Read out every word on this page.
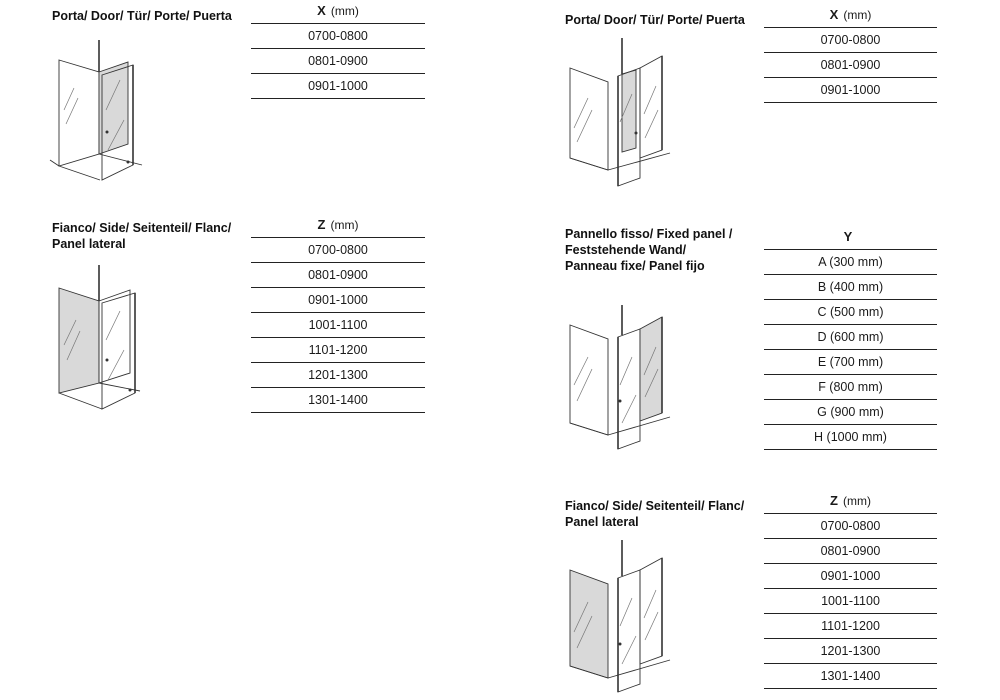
Porta/ Door/ Tür/ Porte/ Puerta	X (mm)
0700-0800
0801-0900
0901-1000
Fianco/ Side/ Seitenteil/ Flanc/ Panel lateral
Z (mm)
0700-0800
0801-0900
0901-1000
1001-1100
1101-1200
1201-1300
1301-1400
Porta/ Door/ Tür/ Porte/ Puerta	X (mm)
0700-0800
0801-0900
0901-1000
Pannello fisso/ Fixed panel / Feststehende Wand/ Panneau fixe/ Panel fijo
Y
A (300 mm)
B (400 mm)
C (500 mm)
D (600 mm)
E (700 mm)
F (800 mm)
G (900 mm)
H (1000 mm)
Fianco/ Side/ Seitenteil/ Flanc/ Panel lateral
Z (mm)
0700-0800
0801-0900
0901-1000
1001-1100
1101-1200
1201-1300
1301-1400
